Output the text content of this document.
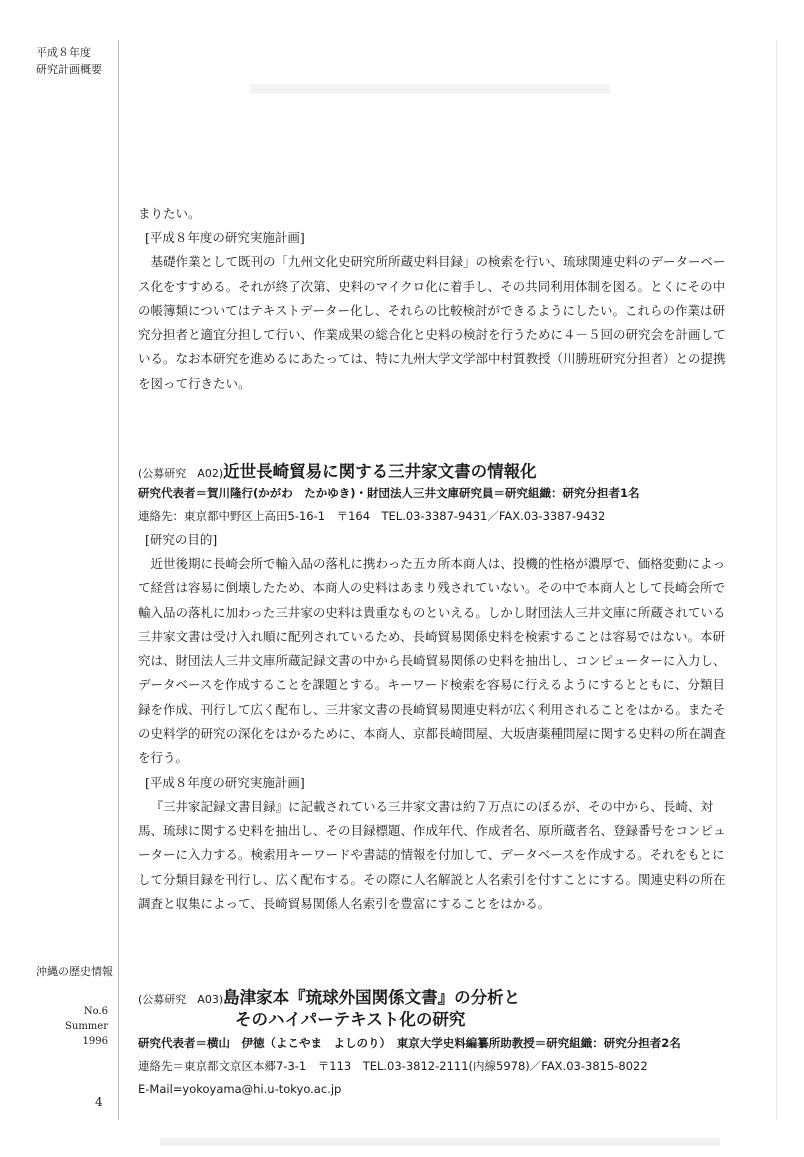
平成８年度
研究計画概要
沖縄の歴史情報
No.6
Summer
1996
4

まりたい。

[平成８年度の研究実施計画]

基礎作業として既刊の「九州文化史研究所所蔵史料目録」の検索を行い、琉球関連史料のデーターベース化をすすめる。それが終了次第、史料のマイクロ化に着手し、その共同利用体制を図る。とくにその中の帳簿類についてはテキストデーター化し、それらの比較検討ができるようにしたい。これらの作業は研究分担者と適宜分担して行い、作業成果の総合化と史料の検討を行うために４－５回の研究会を計画している。なお本研究を進めるにあたっては、特に九州大学文学部中村質教授（川勝班研究分担者）との提携を図って行きたい。

(公募研究　A02)近世長崎貿易に関する三井家文書の情報化

研究代表者＝賀川隆行(かがわ　たかゆき)・財団法人三井文庫研究員＝研究組織：研究分担者1名

連絡先：東京都中野区上高田5-16-1　〒164　TEL.03-3387-9431／FAX.03-3387-9432

[研究の目的]

近世後期に長崎会所で輸入品の落札に携わった五カ所本商人は、投機的性格が濃厚で、価格変動によって経営は容易に倒壊したため、本商人の史料はあまり残されていない。その中で本商人として長崎会所で輸入品の落札に加わった三井家の史料は貴重なものといえる。しかし財団法人三井文庫に所蔵されている三井家文書は受け入れ順に配列されているため、長崎貿易関係史料を検索することは容易ではない。本研究は、財団法人三井文庫所蔵記録文書の中から長崎貿易関係の史料を抽出し、コンピューターに入力し、データベースを作成することを課題とする。キーワード検索を容易に行えるようにするとともに、分類目録を作成、刊行して広く配布し、三井家文書の長崎貿易関連史料が広く利用されることをはかる。またその史料学的研究の深化をはかるために、本商人、京都長崎問屋、大坂唐薬種問屋に関する史料の所在調査を行う。

[平成８年度の研究実施計画]

『三井家記録文書目録』に記載されている三井家文書は約７万点にのぼるが、その中から、長崎、対馬、琉球に関する史料を抽出し、その目録標題、作成年代、作成者名、原所蔵者名、登録番号をコンピューターに入力する。検索用キーワードや書誌的情報を付加して、データベースを作成する。それをもとにして分類目録を刊行し、広く配布する。その際に人名解説と人名索引を付すことにする。関連史料の所在調査と収集によって、長崎貿易関係人名索引を豊富にすることをはかる。

(公募研究　A03)島津家本『琉球外国関係文書』の分析と

そのハイパーテキスト化の研究

研究代表者＝横山　伊徳（よこやま　よしのり）　東京大学史料編纂所助教授＝研究組織：研究分担者2名

連絡先＝東京都文京区本郷7-3-1　〒113　TEL.03-3812-2111(内線5978)／FAX.03-3815-8022

E-Mail=yokoyama@hi.u-tokyo.ac.jp
